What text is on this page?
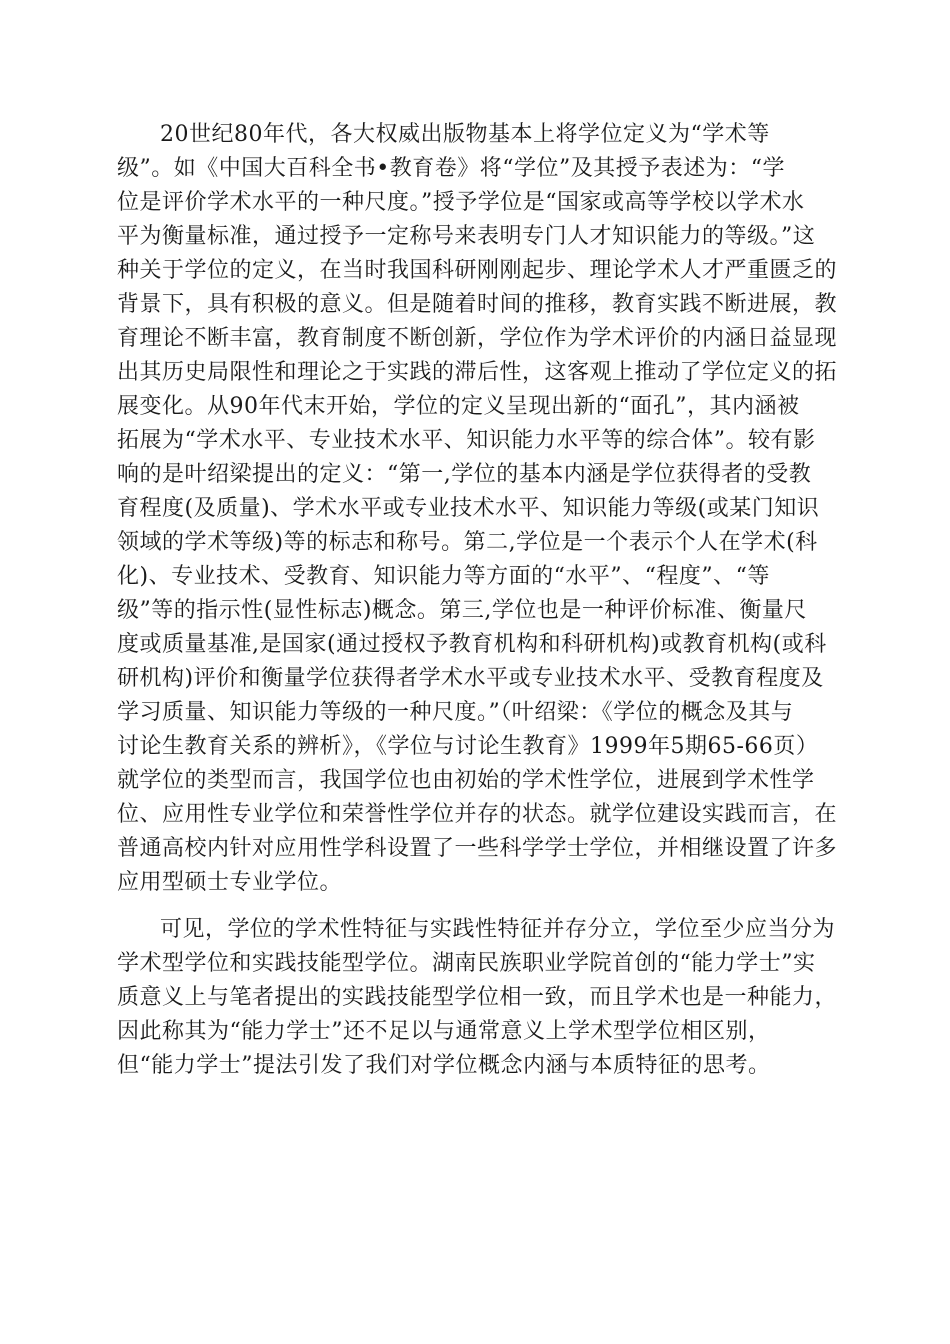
20世纪80年代，各大权威出版物基本上将学位定义为“学术等

级”。如《中国大百科全书•教育卷》将“学位”及其授予表述为：“学

位是评价学术水平的一种尺度。”授予学位是“国家或高等学校以学术水

平为衡量标准，通过授予一定称号来表明专门人才知识能力的等级。”这

种关于学位的定义，在当时我国科研刚刚起步、理论学术人才严重匮乏的

背景下，具有积极的意义。但是随着时间的推移，教育实践不断进展，教

育理论不断丰富，教育制度不断创新，学位作为学术评价的内涵日益显现

出其历史局限性和理论之于实践的滞后性，这客观上推动了学位定义的拓

展变化。从90年代末开始，学位的定义呈现出新的“面孔”，其内涵被

拓展为“学术水平、专业技术水平、知识能力水平等的综合体”。较有影

响的是叶绍梁提出的定义：“第一,学位的基本内涵是学位获得者的受教

育程度(及质量)、学术水平或专业技术水平、知识能力等级(或某门知识

领域的学术等级)等的标志和称号。第二,学位是一个表示个人在学术(科

化)、专业技术、受教育、知识能力等方面的“水平”、“程度”、“等

级”等的指示性(显性标志)概念。第三,学位也是一种评价标准、衡量尺

度或质量基准,是国家(通过授权予教育机构和科研机构)或教育机构(或科

研机构)评价和衡量学位获得者学术水平或专业技术水平、受教育程度及

学习质量、知识能力等级的一种尺度。”（叶绍梁：《学位的概念及其与

讨论生教育关系的辨析》，《学位与讨论生教育》1999年5期65-66页）

就学位的类型而言，我国学位也由初始的学术性学位，进展到学术性学

位、应用性专业学位和荣誉性学位并存的状态。就学位建设实践而言，在

普通高校内针对应用性学科设置了一些科学学士学位，并相继设置了许多

应用型硕士专业学位。

可见，学位的学术性特征与实践性特征并存分立，学位至少应当分为

学术型学位和实践技能型学位。湖南民族职业学院首创的“能力学士”实

质意义上与笔者提出的实践技能型学位相一致，而且学术也是一种能力，

因此称其为“能力学士”还不足以与通常意义上学术型学位相区别，

但“能力学士”提法引发了我们对学位概念内涵与本质特征的思考。
